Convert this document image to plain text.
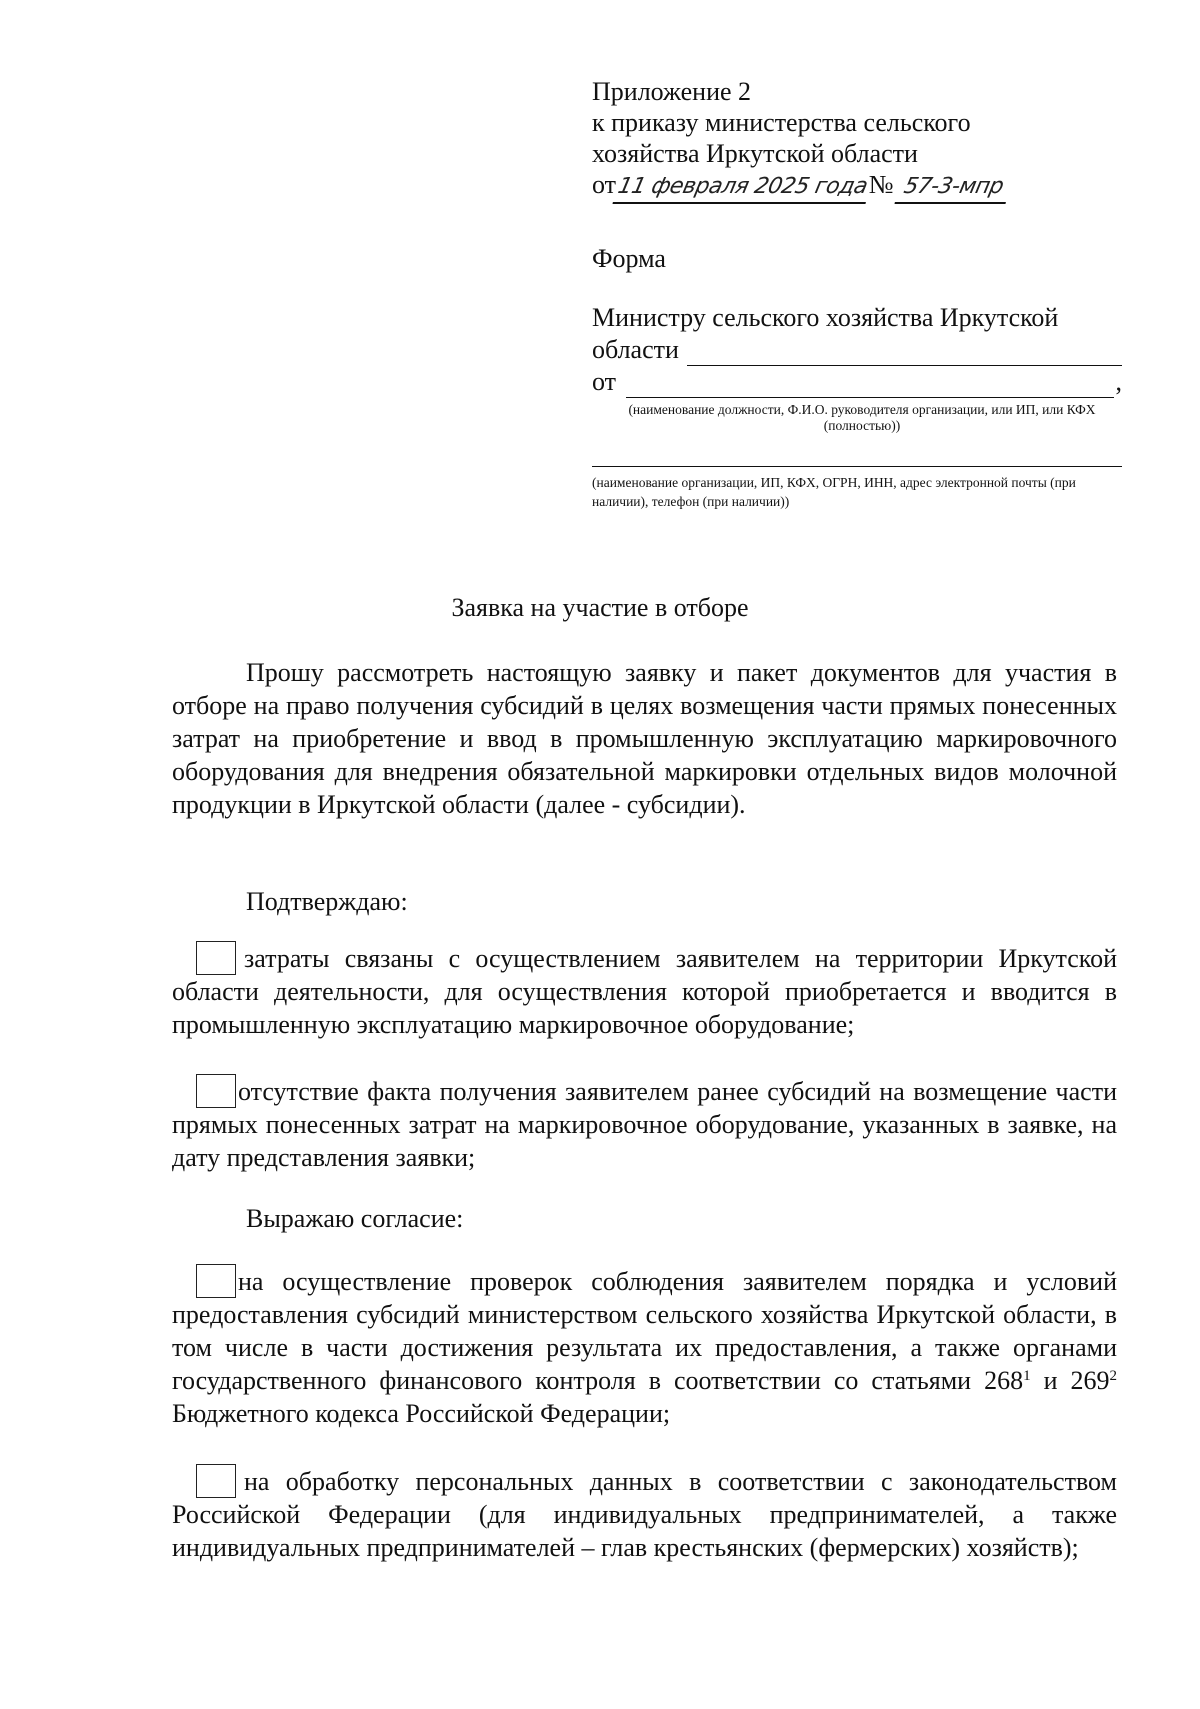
Приложение 2
к приказу министерства сельского
хозяйства Иркутской области
от11 февраля 2025 года№ 57-3-мпр
Форма
Министру сельского хозяйства Иркутской
области
от	,
(наименование должности, Ф.И.О. руководителя организации, или ИП, или КФХ (полностью))
(наименование организации, ИП, КФХ, ОГРН, ИНН, адрес электронной почты (при наличии), телефон (при наличии))
Заявка на участие в отборе
Прошу рассмотреть настоящую заявку и пакет документов для участия в отборе на право получения субсидий в целях возмещения части прямых понесенных затрат на приобретение и ввод в промышленную эксплуатацию маркировочного оборудования для внедрения обязательной маркировки отдельных видов молочной продукции в Иркутской области (далее - субсидии).
Подтверждаю:
затраты связаны с осуществлением заявителем на территории Иркутской области деятельности, для осуществления которой приобретается и вводится в промышленную эксплуатацию маркировочное оборудование;
отсутствие факта получения заявителем ранее субсидий на возмещение части прямых понесенных затрат на маркировочное оборудование, указанных в заявке, на дату представления заявки;
Выражаю согласие:
на осуществление проверок соблюдения заявителем порядка и условий предоставления субсидий министерством сельского хозяйства Иркутской области, в том числе в части достижения результата их предоставления, а также органами государственного финансового контроля в соответствии со статьями $268^1$ и $269^2$ Бюджетного кодекса Российской Федерации;
на обработку персональных данных в соответствии с законодательством Российской Федерации (для индивидуальных предпринимателей, а также индивидуальных предпринимателей – глав крестьянских (фермерских) хозяйств);
